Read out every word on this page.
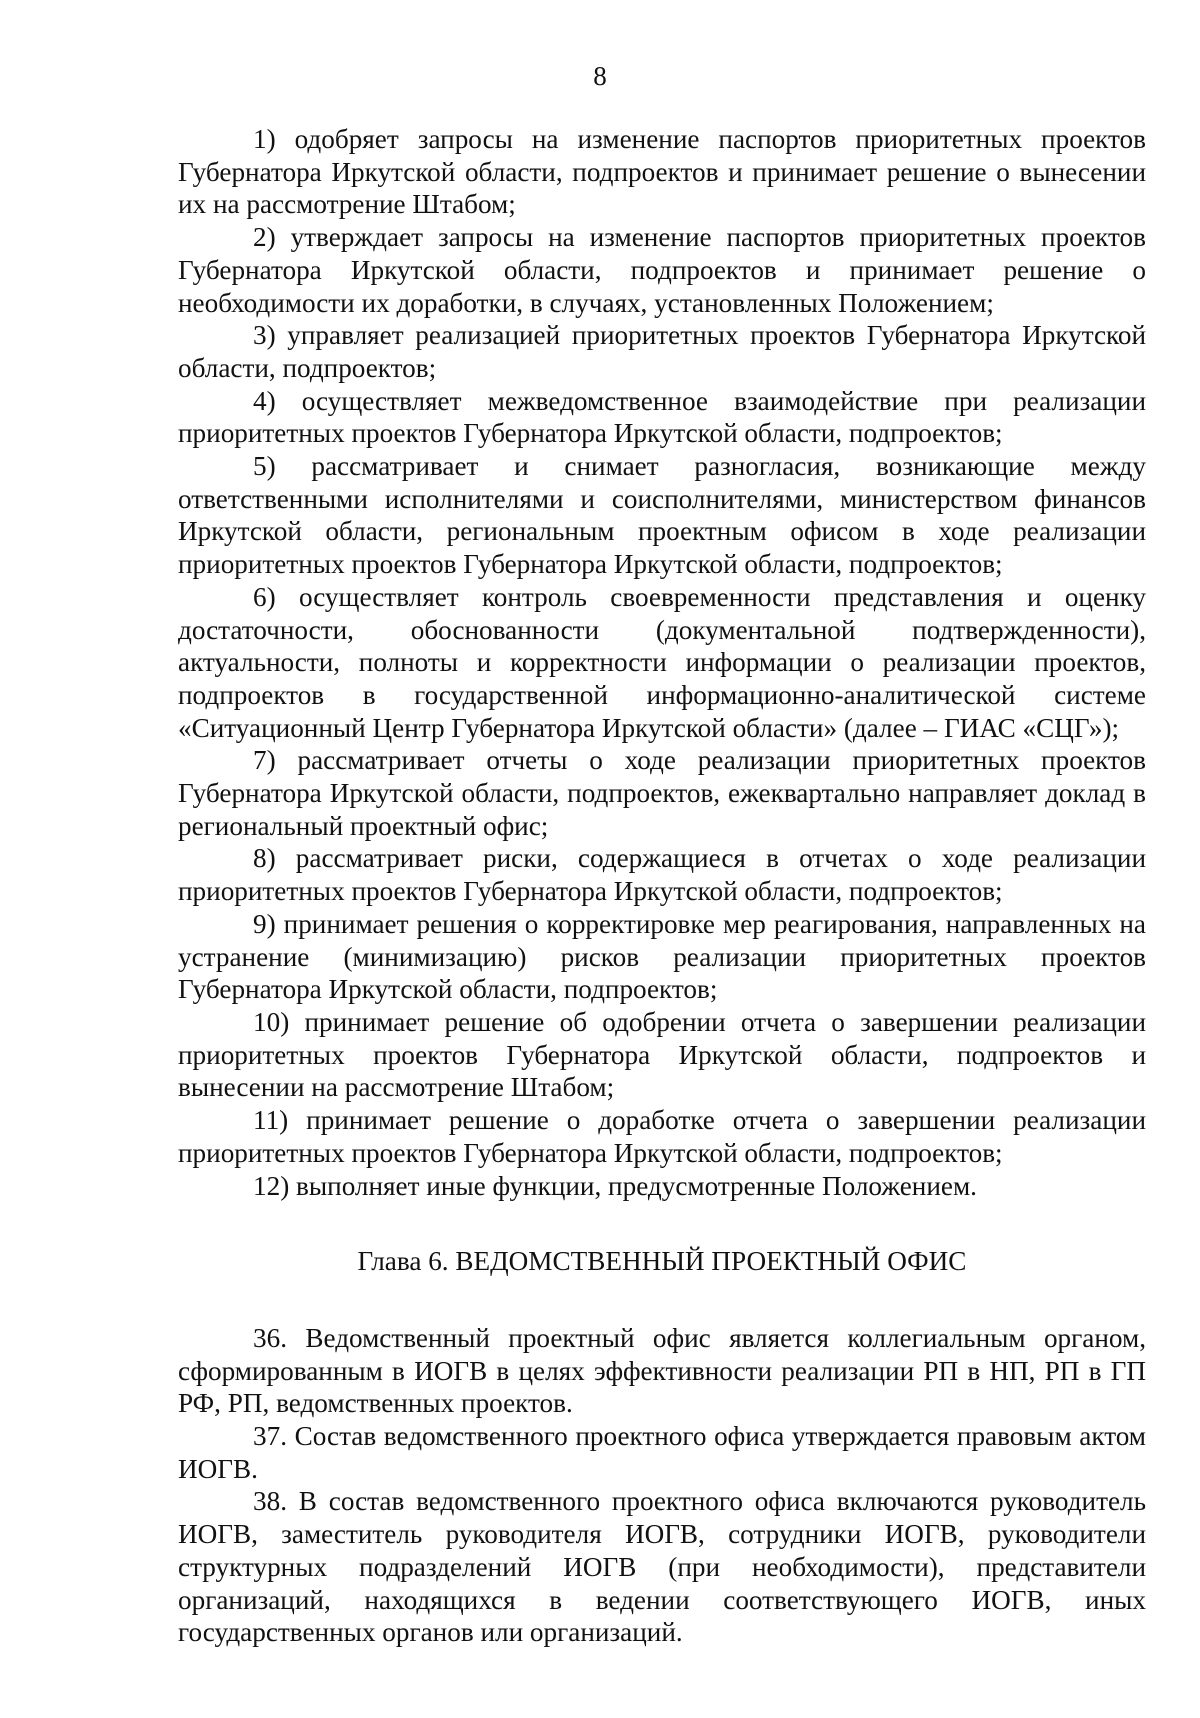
8

1) одобряет запросы на изменение паспортов приоритетных проектов Губернатора Иркутской области, подпроектов и принимает решение о вынесении их на рассмотрение Штабом;

2) утверждает запросы на изменение паспортов приоритетных проектов Губернатора Иркутской области, подпроектов и принимает решение о необходимости их доработки, в случаях, установленных Положением;

3) управляет реализацией приоритетных проектов Губернатора Иркутской области, подпроектов;

4) осуществляет межведомственное взаимодействие при реализации приоритетных проектов Губернатора Иркутской области, подпроектов;

5) рассматривает и снимает разногласия, возникающие между ответственными исполнителями и соисполнителями, министерством финансов Иркутской области, региональным проектным офисом в ходе реализации приоритетных проектов Губернатора Иркутской области, подпроектов;

6) осуществляет контроль своевременности представления и оценку достаточности, обоснованности (документальной подтвержденности), актуальности, полноты и корректности информации о реализации проектов, подпроектов в государственной информационно-аналитической системе «Ситуационный Центр Губернатора Иркутской области» (далее – ГИАС «СЦГ»);

7) рассматривает отчеты о ходе реализации приоритетных проектов Губернатора Иркутской области, подпроектов, ежеквартально направляет доклад в региональный проектный офис;

8) рассматривает риски, содержащиеся в отчетах о ходе реализации приоритетных проектов Губернатора Иркутской области, подпроектов;

9) принимает решения о корректировке мер реагирования, направленных на устранение (минимизацию) рисков реализации приоритетных проектов Губернатора Иркутской области, подпроектов;

10) принимает решение об одобрении отчета о завершении реализации приоритетных проектов Губернатора Иркутской области, подпроектов и вынесении на рассмотрение Штабом;

11) принимает решение о доработке отчета о завершении реализации приоритетных проектов Губернатора Иркутской области, подпроектов;

12) выполняет иные функции, предусмотренные Положением.

Глава 6. ВЕДОМСТВЕННЫЙ ПРОЕКТНЫЙ ОФИС

36. Ведомственный проектный офис является коллегиальным органом, сформированным в ИОГВ в целях эффективности реализации РП в НП, РП в ГП РФ, РП, ведомственных проектов.

37. Состав ведомственного проектного офиса утверждается правовым актом ИОГВ.

38. В состав ведомственного проектного офиса включаются руководитель ИОГВ, заместитель руководителя ИОГВ, сотрудники ИОГВ, руководители структурных подразделений ИОГВ (при необходимости), представители организаций, находящихся в ведении соответствующего ИОГВ, иных государственных органов или организаций.
